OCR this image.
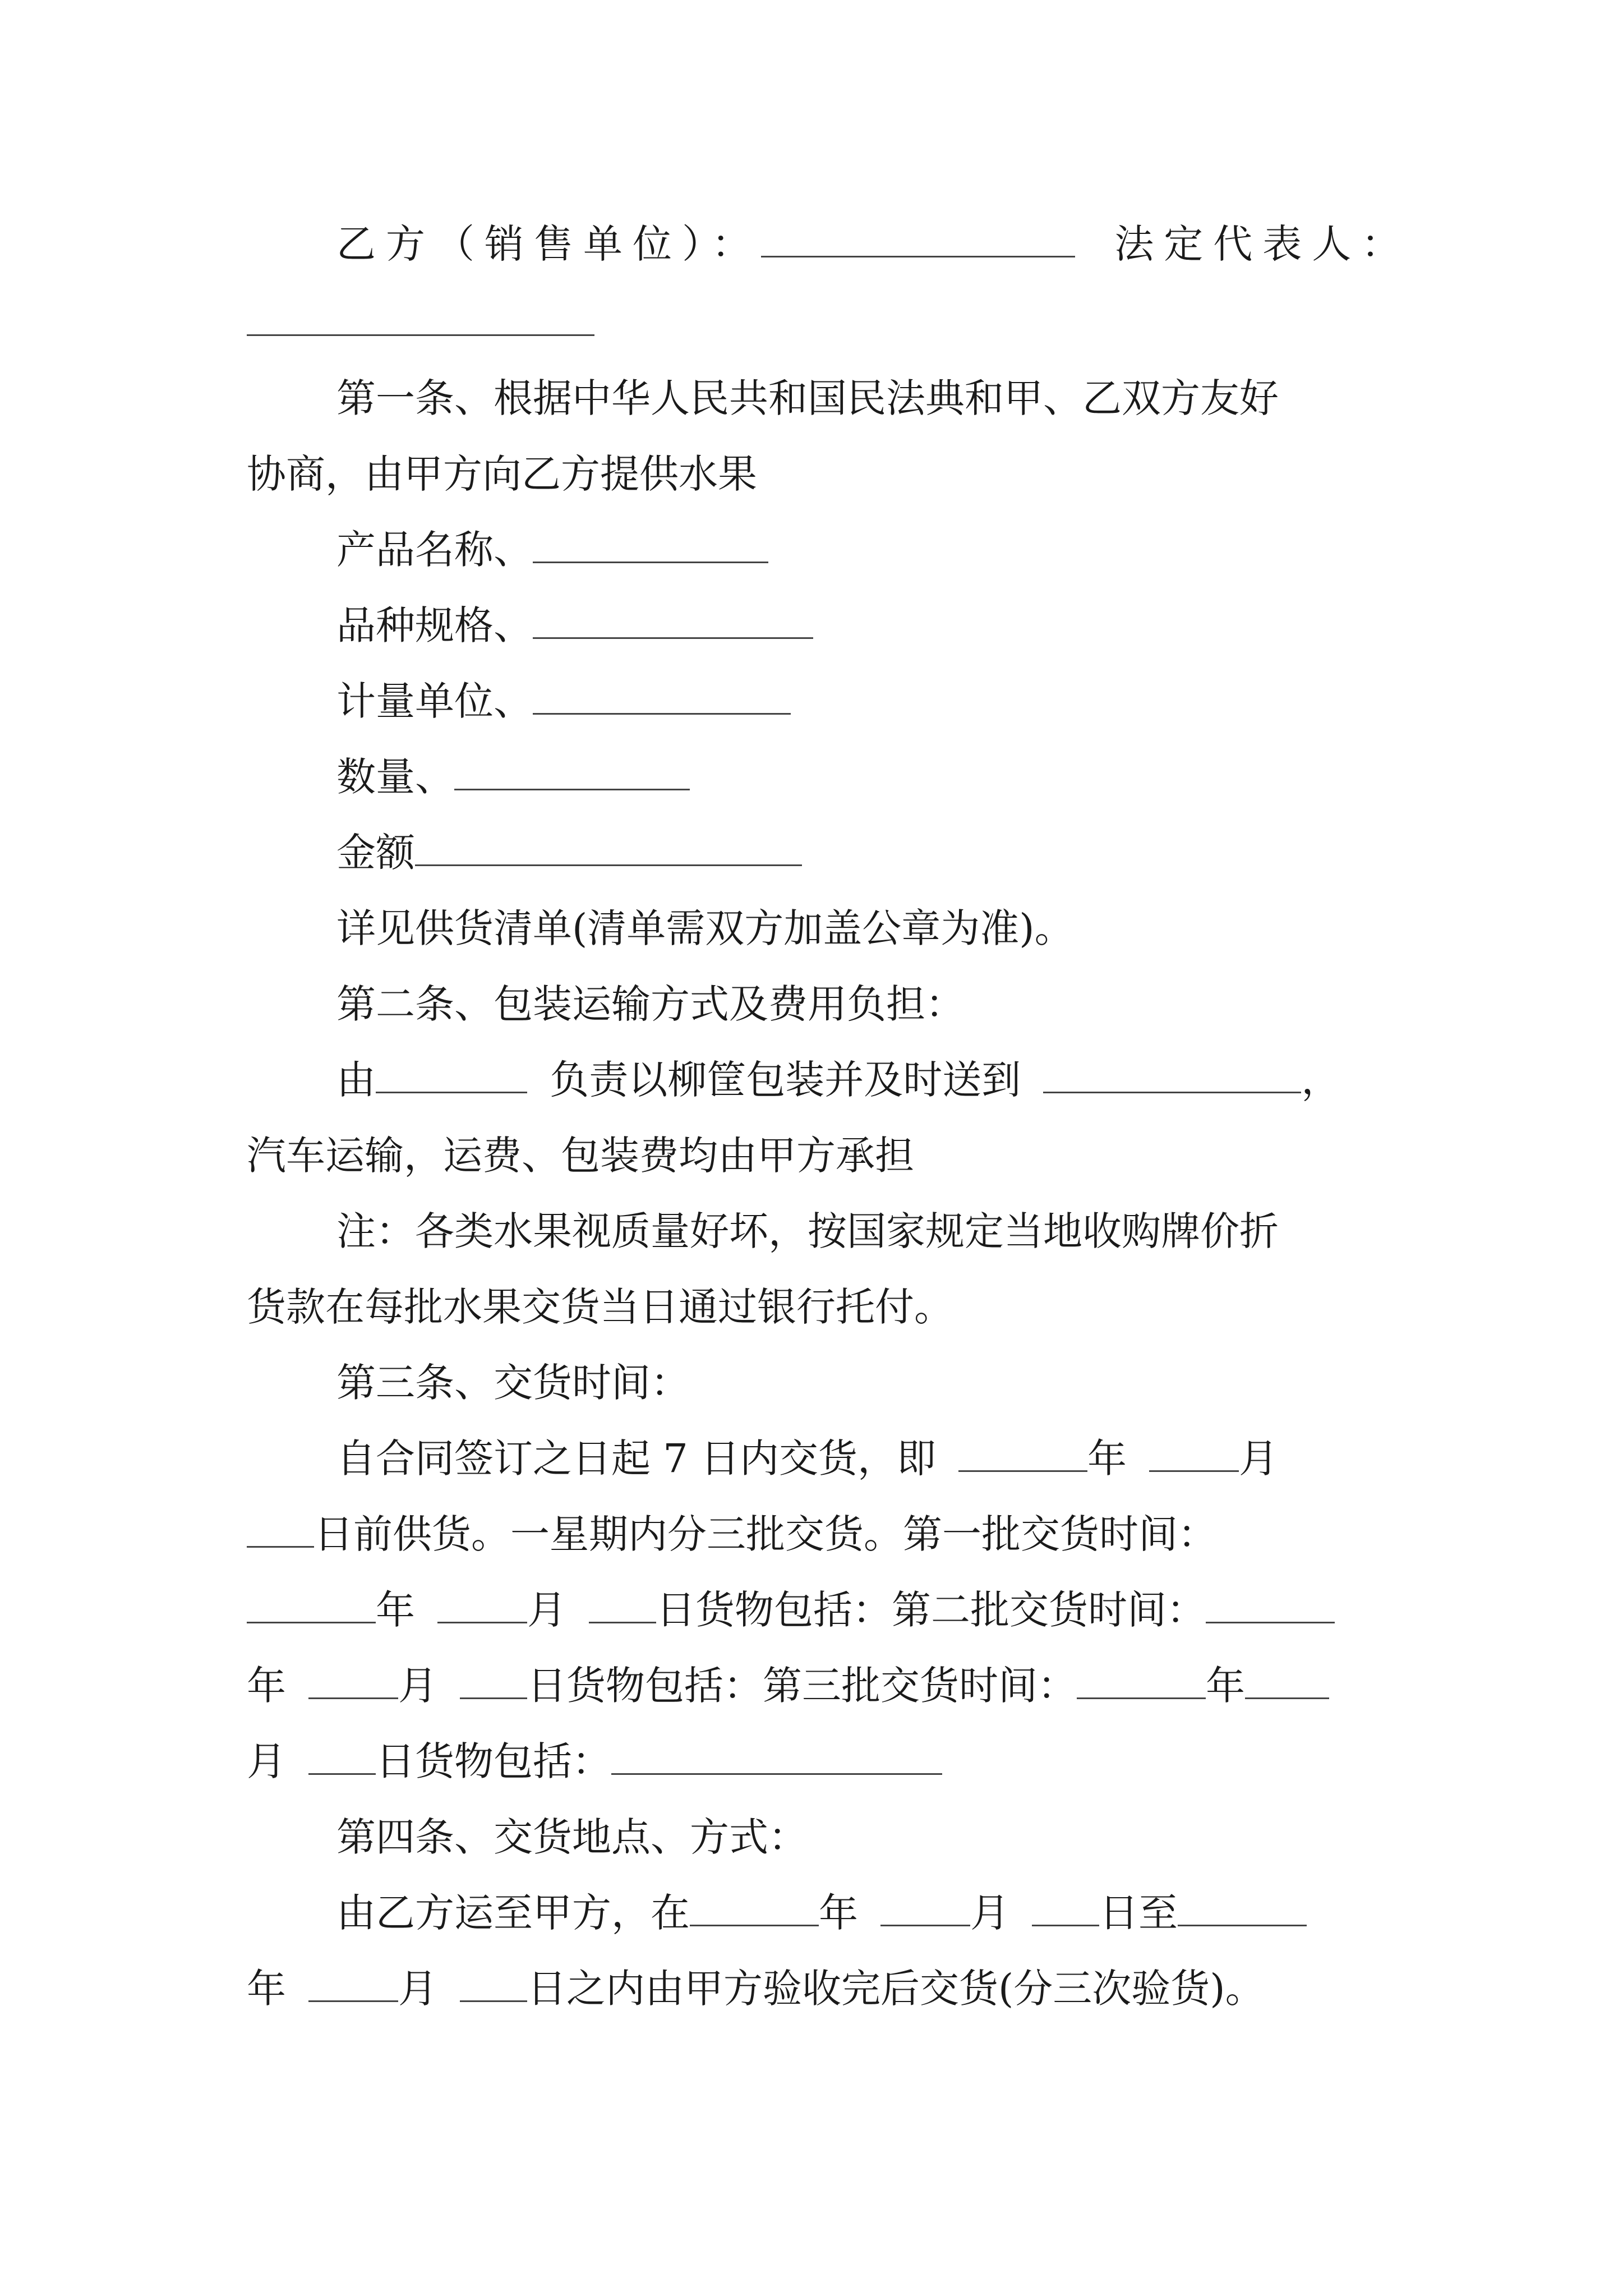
乙方（销售单位）：	法定代表人：
第一条、根据中华人民共和国民法典和甲、乙双方友好
协商，由甲方向乙方提供水果
产品名称、
品种规格、
计量单位、
数量、
金额
详见供货清单(清单需双方加盖公章为准)。
第二条、包装运输方式及费用负担：
由	负责以柳筐包装并及时送到	，
汽车运输，运费、包装费均由甲方承担
注：各类水果视质量好坏，按国家规定当地收购牌价折
货款在每批水果交货当日通过银行托付。
第三条、交货时间：
自合同签订之日起 7 日内交货，即	年	月
日前供货。一星期内分三批交货。第一批交货时间：
年	月 日货物包括：第二批交货时间：
年	月 日货物包括：第三批交货时间：	年
月 日货物包括：
第四条、交货地点、方式：
由乙方运至甲方，在	年	月 日至
年	月 日之内由甲方验收完后交货(分三次验货)。
